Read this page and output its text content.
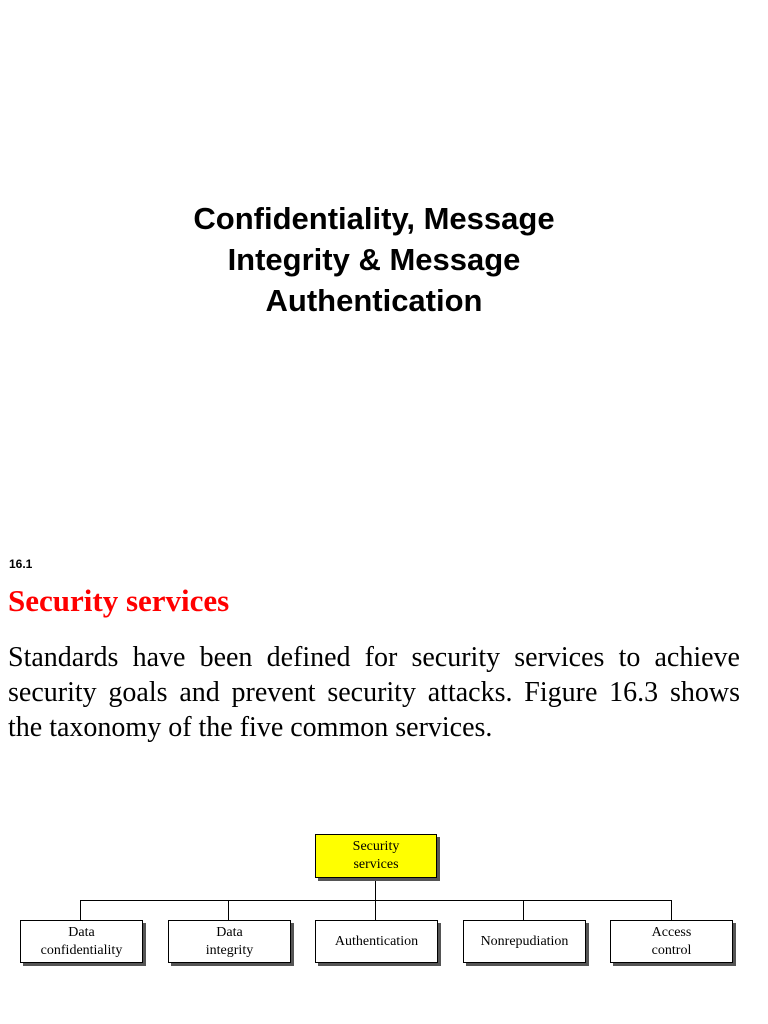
Confidentiality, Message
Integrity & Message
Authentication
16.1
Security services
Standards have been defined for security services to achieve security goals and prevent security attacks. Figure 16.3 shows the taxonomy of the five common services.
Security
services
Data
confidentiality
Data
integrity
Authentication	Nonrepudiation
Access
control
